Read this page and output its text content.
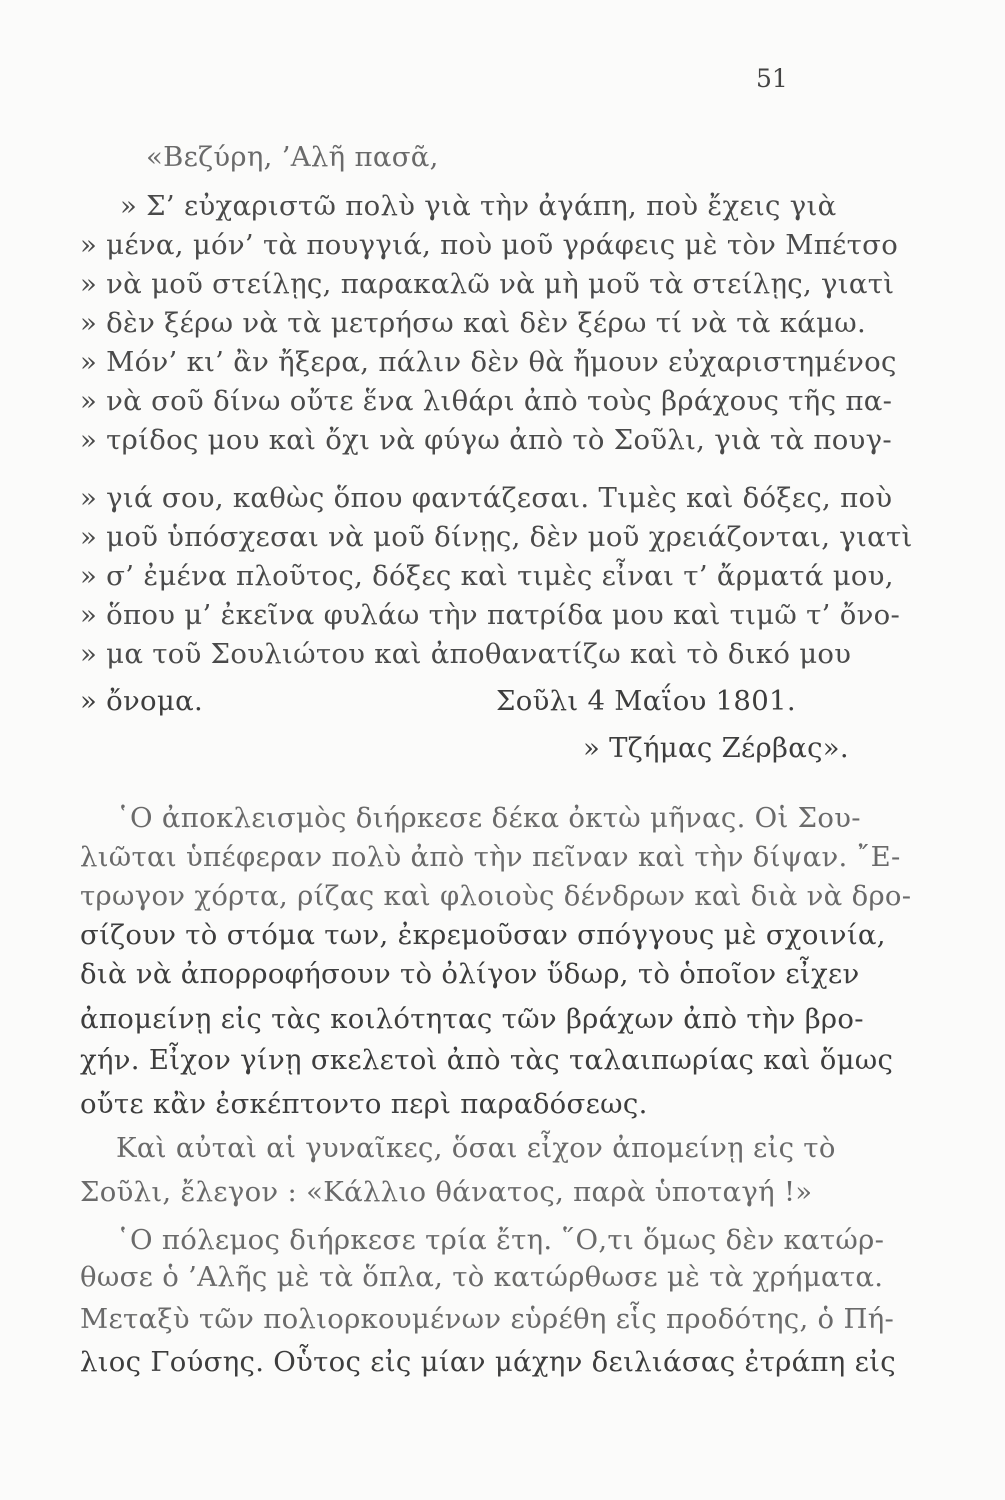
51
«Βεζύρη, ’Αλῆ πασᾶ,
» Σ’ εὐχαριστῶ πολὺ γιὰ τὴν ἀγάπη, ποὺ ἔχεις γιὰ
» μένα, μόν’ τὰ πουγγιά, ποὺ μοῦ γράφεις μὲ τὸν Μπέτσο
» νὰ μοῦ στείλῃς, παρακαλῶ νὰ μὴ μοῦ τὰ στείλῃς, γιατὶ
» δὲν ξέρω νὰ τὰ μετρήσω καὶ δὲν ξέρω τί νὰ τὰ κάμω.
» Μόν’ κι’ ἂν ἤξερα, πάλιν δὲν θὰ ἤμουν εὐχαριστημένος
» νὰ σοῦ δίνω οὔτε ἕνα λιθάρι ἀπὸ τοὺς βράχους τῆς πα-
» τρίδος μου καὶ ὄχι νὰ φύγω ἀπὸ τὸ Σοῦλι, γιὰ τὰ πουγ-
» γιά σου, καθὼς ὅπου φαντάζεσαι. Τιμὲς καὶ δόξες, ποὺ
» μοῦ ὑπόσχεσαι νὰ μοῦ δίνῃς, δὲν μοῦ χρειάζονται, γιατὶ
» σ’ ἐμένα πλοῦτος, δόξες καὶ τιμὲς εἶναι τ’ ἄρματά μου,
» ὅπου μ’ ἐκεῖνα φυλάω τὴν πατρίδα μου καὶ τιμῶ τ’ ὄνο-
» μα τοῦ Σουλιώτου καὶ ἀποθανατίζω καὶ τὸ δικό μου
» ὄνομα.	Σοῦλι 4 Μαΐου 1801.
» Τζήμας Ζέρβας».
῾Ο ἀποκλεισμὸς διήρκεσε δέκα ὀκτὼ μῆνας. Οἱ Σου-
λιῶται ὑπέφεραν πολὺ ἀπὸ τὴν πεῖναν καὶ τὴν δίψαν. ῎Ε-
τρωγον χόρτα, ρίζας καὶ φλοιοὺς δένδρων καὶ διὰ νὰ δρο-
σίζουν τὸ στόμα των, ἐκρεμοῦσαν σπόγγους μὲ σχοινία,
διὰ νὰ ἀπορροφήσουν τὸ ὀλίγον ὕδωρ, τὸ ὁποῖον εἶχεν
ἀπομείνῃ εἰς τὰς κοιλότητας τῶν βράχων ἀπὸ τὴν βρο-
χήν. Εἶχον γίνῃ σκελετοὶ ἀπὸ τὰς ταλαιπωρίας καὶ ὅμως
οὔτε κἂν ἐσκέπτοντο περὶ παραδόσεως.
Καὶ αὐταὶ αἱ γυναῖκες, ὅσαι εἶχον ἀπομείνῃ εἰς τὸ
Σοῦλι, ἔλεγον : «Κάλλιο θάνατος, παρὰ ὑποταγή !»
῾Ο πόλεμος διήρκεσε τρία ἔτη. ῞Ο,τι ὅμως δὲν κατώρ-
θωσε ὁ ’Αλῆς μὲ τὰ ὅπλα, τὸ κατώρθωσε μὲ τὰ χρήματα.
Μεταξὺ τῶν πολιορκουμένων εὑρέθη εἷς προδότης, ὁ Πή-
λιος Γούσης. Οὗτος εἰς μίαν μάχην δειλιάσας ἐτράπη εἰς
